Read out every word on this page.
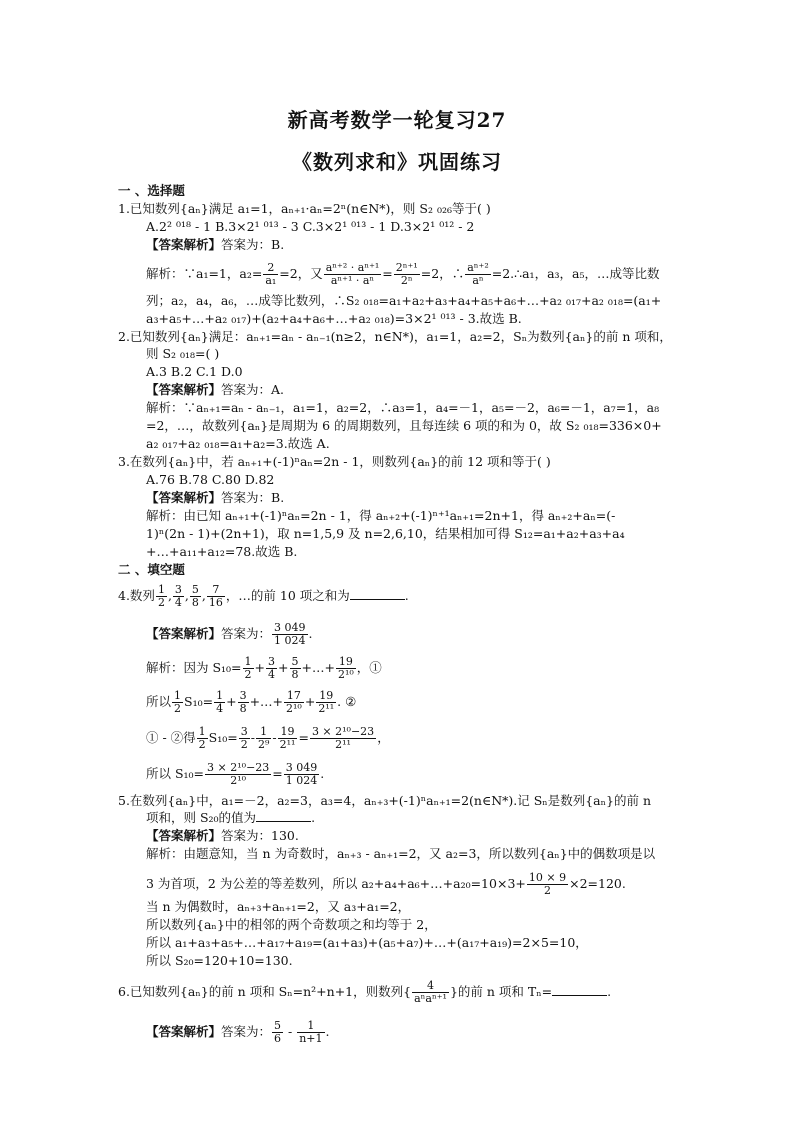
新高考数学一轮复习27
《数列求和》巩固练习
一 、选择题
1.已知数列{aₙ}满足 a₁=1，aₙ₊₁·aₙ=2ⁿ(n∈N*)，则 S₂ ₀₂₆等于( )
A.2² ⁰¹⁸ - 1 B.3×2¹ ⁰¹³ - 3 C.3×2¹ ⁰¹³ - 1 D.3×2¹ ⁰¹² - 2
【答案解析】答案为：B.
解析：∵a₁=1，$a_2= \frac{2}{\text{a₁}} =2$，又 $\frac{\text{aⁿ⁺² · aⁿ⁺¹}}{\text{aⁿ⁺¹ · aⁿ}} = \frac{\text{2ⁿ⁺¹}}{\text{2ⁿ}} =2$，∴ $\frac{\text{aⁿ⁺²}}{\text{aⁿ}}$ =2.∴a₁，a₃，a₅，…成等比数
列；a₂，a₄，a₆，…成等比数列，∴S₂ ₀₁₈=a₁+a₂+a₃+a₄+a₅+a₆+…+a₂ ₀₁₇+a₂ ₀₁₈=(a₁+
a₃+a₅+…+a₂ ₀₁₇)+(a₂+a₄+a₆+…+a₂ ₀₁₈)=3×2¹ ⁰¹³ - 3.故选 B.
2.已知数列{aₙ}满足：aₙ₊₁=aₙ - aₙ₋₁(n≥2，n∈N*)，a₁=1，a₂=2，Sₙ为数列{aₙ}的前 n 项和，
则 S₂ ₀₁₈=( )
A.3 B.2 C.1 D.0
【答案解析】答案为：A.
解析：∵aₙ₊₁=aₙ - aₙ₋₁，a₁=1，a₂=2，∴a₃=1，a₄=－1，a₅=－2，a₆=－1，a₇=1，a₈
=2，…，故数列{aₙ}是周期为 6 的周期数列，且每连续 6 项的和为 0，故 S₂ ₀₁₈=336×0+
a₂ ₀₁₇+a₂ ₀₁₈=a₁+a₂=3.故选 A.
3.在数列{aₙ}中，若 aₙ₊₁+(-1)ⁿaₙ=2n - 1，则数列{aₙ}的前 12 项和等于( )
A.76 B.78 C.80 D.82
【答案解析】答案为：B.
解析：由已知 aₙ₊₁+(-1)ⁿaₙ=2n - 1，得 aₙ₊₂+(-1)ⁿ⁺¹aₙ₊₁=2n+1，得 aₙ₊₂+aₙ=(-
1)ⁿ(2n - 1)+(2n+1)，取 n=1,5,9 及 n=2,6,10，结果相加可得 S₁₂=a₁+a₂+a₃+a₄
+…+a₁₁+a₁₂=78.故选 B.
二 、填空题
4.数列 $\frac{1}{2}$ , $\frac{3}{4}$ , $\frac{5}{8}$ , $\frac{7}{16}$ ，…的前 10 项之和为	.
【答案解析】答案为： $\frac{3 049}{1 024}$ .
解析：因为 $S_{10}= \frac{1}{2} + \frac{3}{4} + \frac{5}{8}$ +…+ $\frac{19}{\text{2¹⁰}}$ ，①
所以 $\frac{1}{2} S_{10}= \frac{1}{4} + \frac{3}{8}$ +…+ $\frac{17}{\text{2¹⁰}} + \frac{19}{\text{2¹¹}}$ . ②
① - ②得 $\frac{1}{2} S_{10}= \frac{3}{2} - \frac{1}{\text{2⁹}} - \frac{19}{\text{2¹¹}} = \frac{\text{3 × 2¹⁰−23}}{\text{2¹¹}}$ ，
所以 $S_{10}= \frac{\text{3 × 2¹⁰−23}}{\text{2¹⁰}} = \frac{3 049}{1 024}$ .
5.在数列{aₙ}中，a₁=－2，a₂=3，a₃=4，aₙ₊₃+(-1)ⁿaₙ₊₁=2(n∈N*).记 Sₙ是数列{aₙ}的前 n
项和，则 S₂₀的值为	.
【答案解析】答案为：130.
解析：由题意知，当 n 为奇数时，aₙ₊₃ - aₙ₊₁=2，又 a₂=3，所以数列{aₙ}中的偶数项是以
3 为首项，2 为公差的等差数列，所以 a₂+a₄+a₆+…+a₂₀=10×3+ $\frac{10 \times 9}{2} \times 2=120$.
当 n 为偶数时，aₙ₊₃+aₙ₊₁=2，又 a₃+a₁=2，
所以数列{aₙ}中的相邻的两个奇数项之和均等于 2，
所以 a₁+a₃+a₅+…+a₁₇+a₁₉=(a₁+a₃)+(a₅+a₇)+…+(a₁₇+a₁₉)=2×5=10，
所以 S₂₀=120+10=130.
6.已知数列{aₙ}的前 n 项和 Sₙ=n²+n+1，则数列{ $\frac{4}{\text{aⁿaⁿ⁺¹}}$ }的前 n 项和 Tₙ=	.
【答案解析】答案为： $\frac{5}{6} - \frac{1}{n+1}$ .
